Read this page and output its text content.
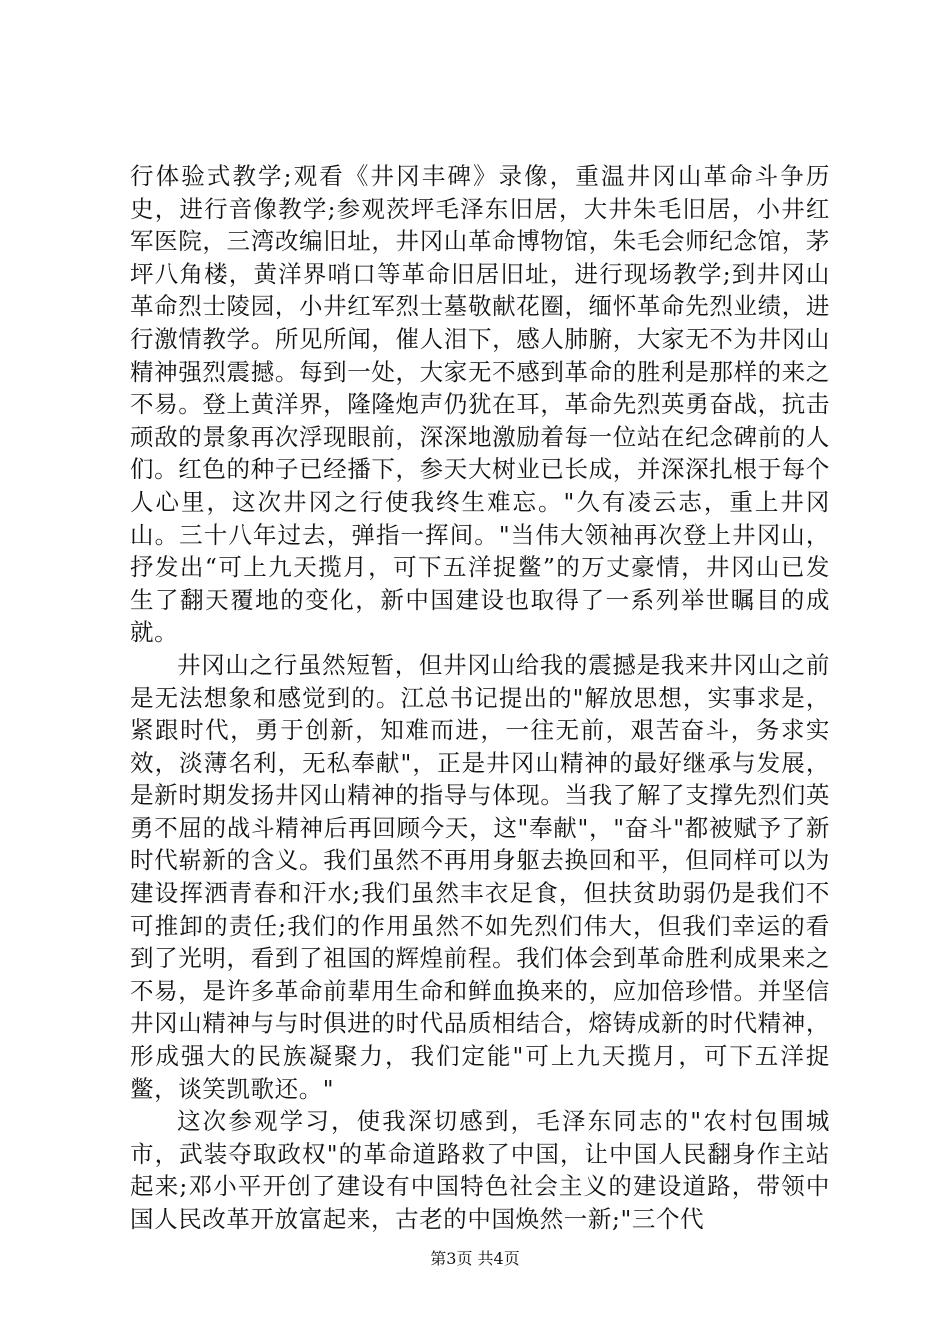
行体验式教学;观看《井冈丰碑》录像，重温井冈山革命斗争历史，进行音像教学;参观茨坪毛泽东旧居，大井朱毛旧居，小井红军医院，三湾改编旧址，井冈山革命博物馆，朱毛会师纪念馆，茅坪八角楼，黄洋界哨口等革命旧居旧址，进行现场教学;到井冈山革命烈士陵园，小井红军烈士墓敬献花圈，缅怀革命先烈业绩，进行激情教学。所见所闻，催人泪下，感人肺腑，大家无不为井冈山精神强烈震撼。每到一处，大家无不感到革命的胜利是那样的来之不易。登上黄洋界，隆隆炮声仍犹在耳，革命先烈英勇奋战，抗击顽敌的景象再次浮现眼前，深深地激励着每一位站在纪念碑前的人们。红色的种子已经播下，参天大树业已长成，并深深扎根于每个人心里，这次井冈之行使我终生难忘。"久有凌云志，重上井冈山。三十八年过去，弹指一挥间。"当伟大领袖再次登上井冈山，抒发出“可上九天揽月，可下五洋捉鳖”的万丈豪情，井冈山已发生了翻天覆地的变化，新中国建设也取得了一系列举世瞩目的成就。

井冈山之行虽然短暂，但井冈山给我的震撼是我来井冈山之前是无法想象和感觉到的。江总书记提出的"解放思想，实事求是，紧跟时代，勇于创新，知难而进，一往无前，艰苦奋斗，务求实效，淡薄名利，无私奉献"，正是井冈山精神的最好继承与发展，是新时期发扬井冈山精神的指导与体现。当我了解了支撑先烈们英勇不屈的战斗精神后再回顾今天，这"奉献"，"奋斗"都被赋予了新时代崭新的含义。我们虽然不再用身躯去换回和平，但同样可以为建设挥洒青春和汗水;我们虽然丰衣足食，但扶贫助弱仍是我们不可推卸的责任;我们的作用虽然不如先烈们伟大，但我们幸运的看到了光明，看到了祖国的辉煌前程。我们体会到革命胜利成果来之不易，是许多革命前辈用生命和鲜血换来的，应加倍珍惜。并坚信井冈山精神与与时俱进的时代品质相结合，熔铸成新的时代精神，形成强大的民族凝聚力，我们定能"可上九天揽月，可下五洋捉鳖，谈笑凯歌还。"

这次参观学习，使我深切感到，毛泽东同志的"农村包围城市，武装夺取政权"的革命道路救了中国，让中国人民翻身作主站起来;邓小平开创了建设有中国特色社会主义的建设道路，带领中国人民改革开放富起来，古老的中国焕然一新;"三个代

第3页 共4页
